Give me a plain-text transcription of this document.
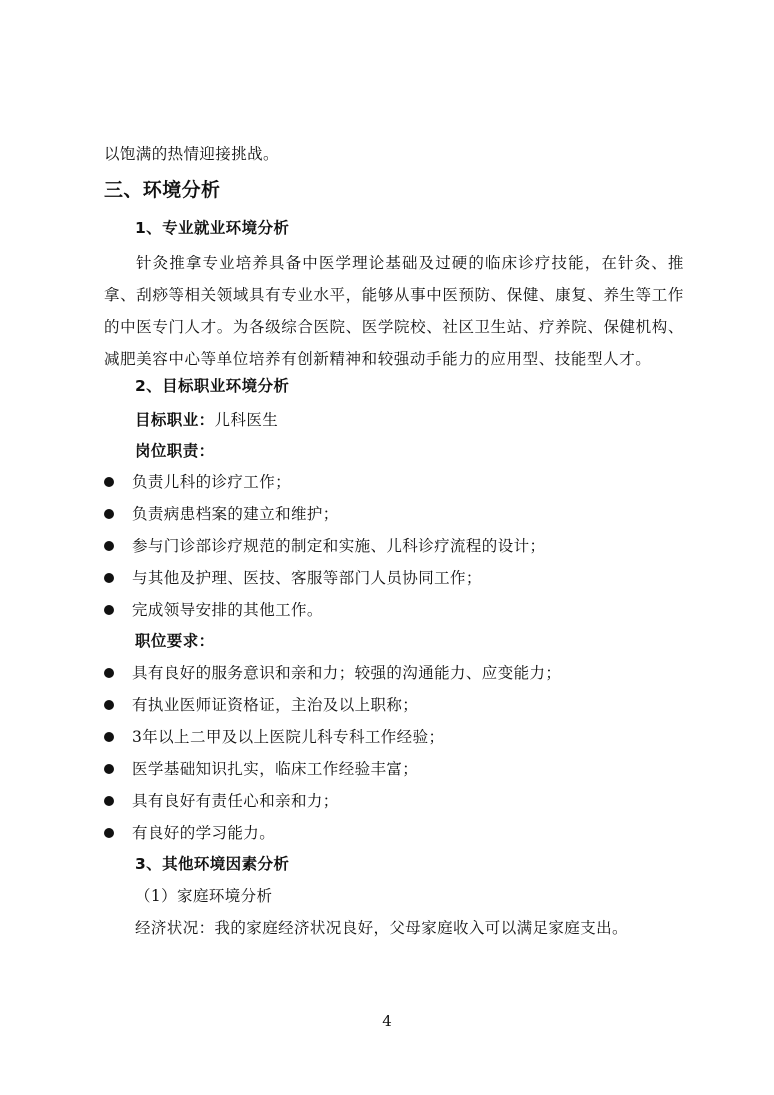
以饱满的热情迎接挑战。
三、环境分析
1、专业就业环境分析
针灸推拿专业培养具备中医学理论基础及过硬的临床诊疗技能，在针灸、推拿、刮痧等相关领域具有专业水平，能够从事中医预防、保健、康复、养生等工作的中医专门人才。为各级综合医院、医学院校、社区卫生站、疗养院、保健机构、减肥美容中心等单位培养有创新精神和较强动手能力的应用型、技能型人才。
2、目标职业环境分析
目标职业：儿科医生
岗位职责：
负责儿科的诊疗工作；
负责病患档案的建立和维护；
参与门诊部诊疗规范的制定和实施、儿科诊疗流程的设计；
与其他及护理、医技、客服等部门人员协同工作；
完成领导安排的其他工作。
职位要求：
具有良好的服务意识和亲和力；较强的沟通能力、应变能力；
有执业医师证资格证，主治及以上职称；
3年以上二甲及以上医院儿科专科工作经验；
医学基础知识扎实，临床工作经验丰富；
具有良好有责任心和亲和力；
有良好的学习能力。
3、其他环境因素分析
（1）家庭环境分析
经济状况：我的家庭经济状况良好，父母家庭收入可以满足家庭支出。
4
